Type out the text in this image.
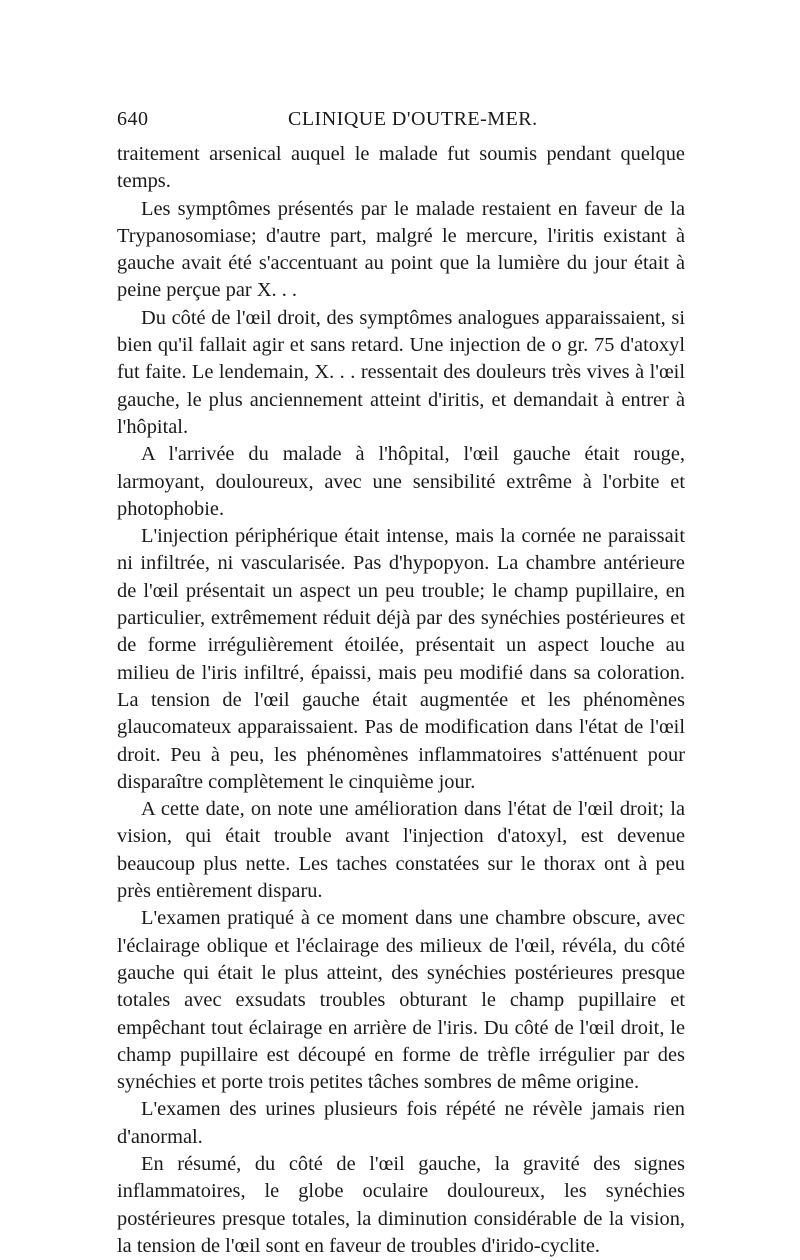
640	CLINIQUE D'OUTRE-MER.

traitement arsenical auquel le malade fut soumis pendant quelque temps.

Les symptômes présentés par le malade restaient en faveur de la Trypanosomiase; d'autre part, malgré le mercure, l'iritis existant à gauche avait été s'accentuant au point que la lumière du jour était à peine perçue par X. . .

Du côté de l'œil droit, des symptômes analogues apparaissaient, si bien qu'il fallait agir et sans retard. Une injection de o gr. 75 d'atoxyl fut faite. Le lendemain, X. . . ressentait des douleurs très vives à l'œil gauche, le plus anciennement atteint d'iritis, et demandait à entrer à l'hôpital.

A l'arrivée du malade à l'hôpital, l'œil gauche était rouge, larmoyant, douloureux, avec une sensibilité extrême à l'orbite et photophobie.

L'injection périphérique était intense, mais la cornée ne paraissait ni infiltrée, ni vascularisée. Pas d'hypopyon. La chambre antérieure de l'œil présentait un aspect un peu trouble; le champ pupillaire, en particulier, extrêmement réduit déjà par des synéchies postérieures et de forme irrégulièrement étoilée, présentait un aspect louche au milieu de l'iris infiltré, épaissi, mais peu modifié dans sa coloration. La tension de l'œil gauche était augmentée et les phénomènes glaucomateux apparaissaient. Pas de modification dans l'état de l'œil droit. Peu à peu, les phénomènes inflammatoires s'atténuent pour disparaître complètement le cinquième jour.

A cette date, on note une amélioration dans l'état de l'œil droit; la vision, qui était trouble avant l'injection d'atoxyl, est devenue beaucoup plus nette. Les taches constatées sur le thorax ont à peu près entièrement disparu.

L'examen pratiqué à ce moment dans une chambre obscure, avec l'éclairage oblique et l'éclairage des milieux de l'œil, révéla, du côté gauche qui était le plus atteint, des synéchies postérieures presque totales avec exsudats troubles obturant le champ pupillaire et empêchant tout éclairage en arrière de l'iris. Du côté de l'œil droit, le champ pupillaire est découpé en forme de trèfle irrégulier par des synéchies et porte trois petites tâches sombres de même origine.

L'examen des urines plusieurs fois répété ne révèle jamais rien d'anormal.

En résumé, du côté de l'œil gauche, la gravité des signes inflammatoires, le globe oculaire douloureux, les synéchies postérieures presque totales, la diminution considérable de la vision, la tension de l'œil sont en faveur de troubles d'irido-cyclite.
